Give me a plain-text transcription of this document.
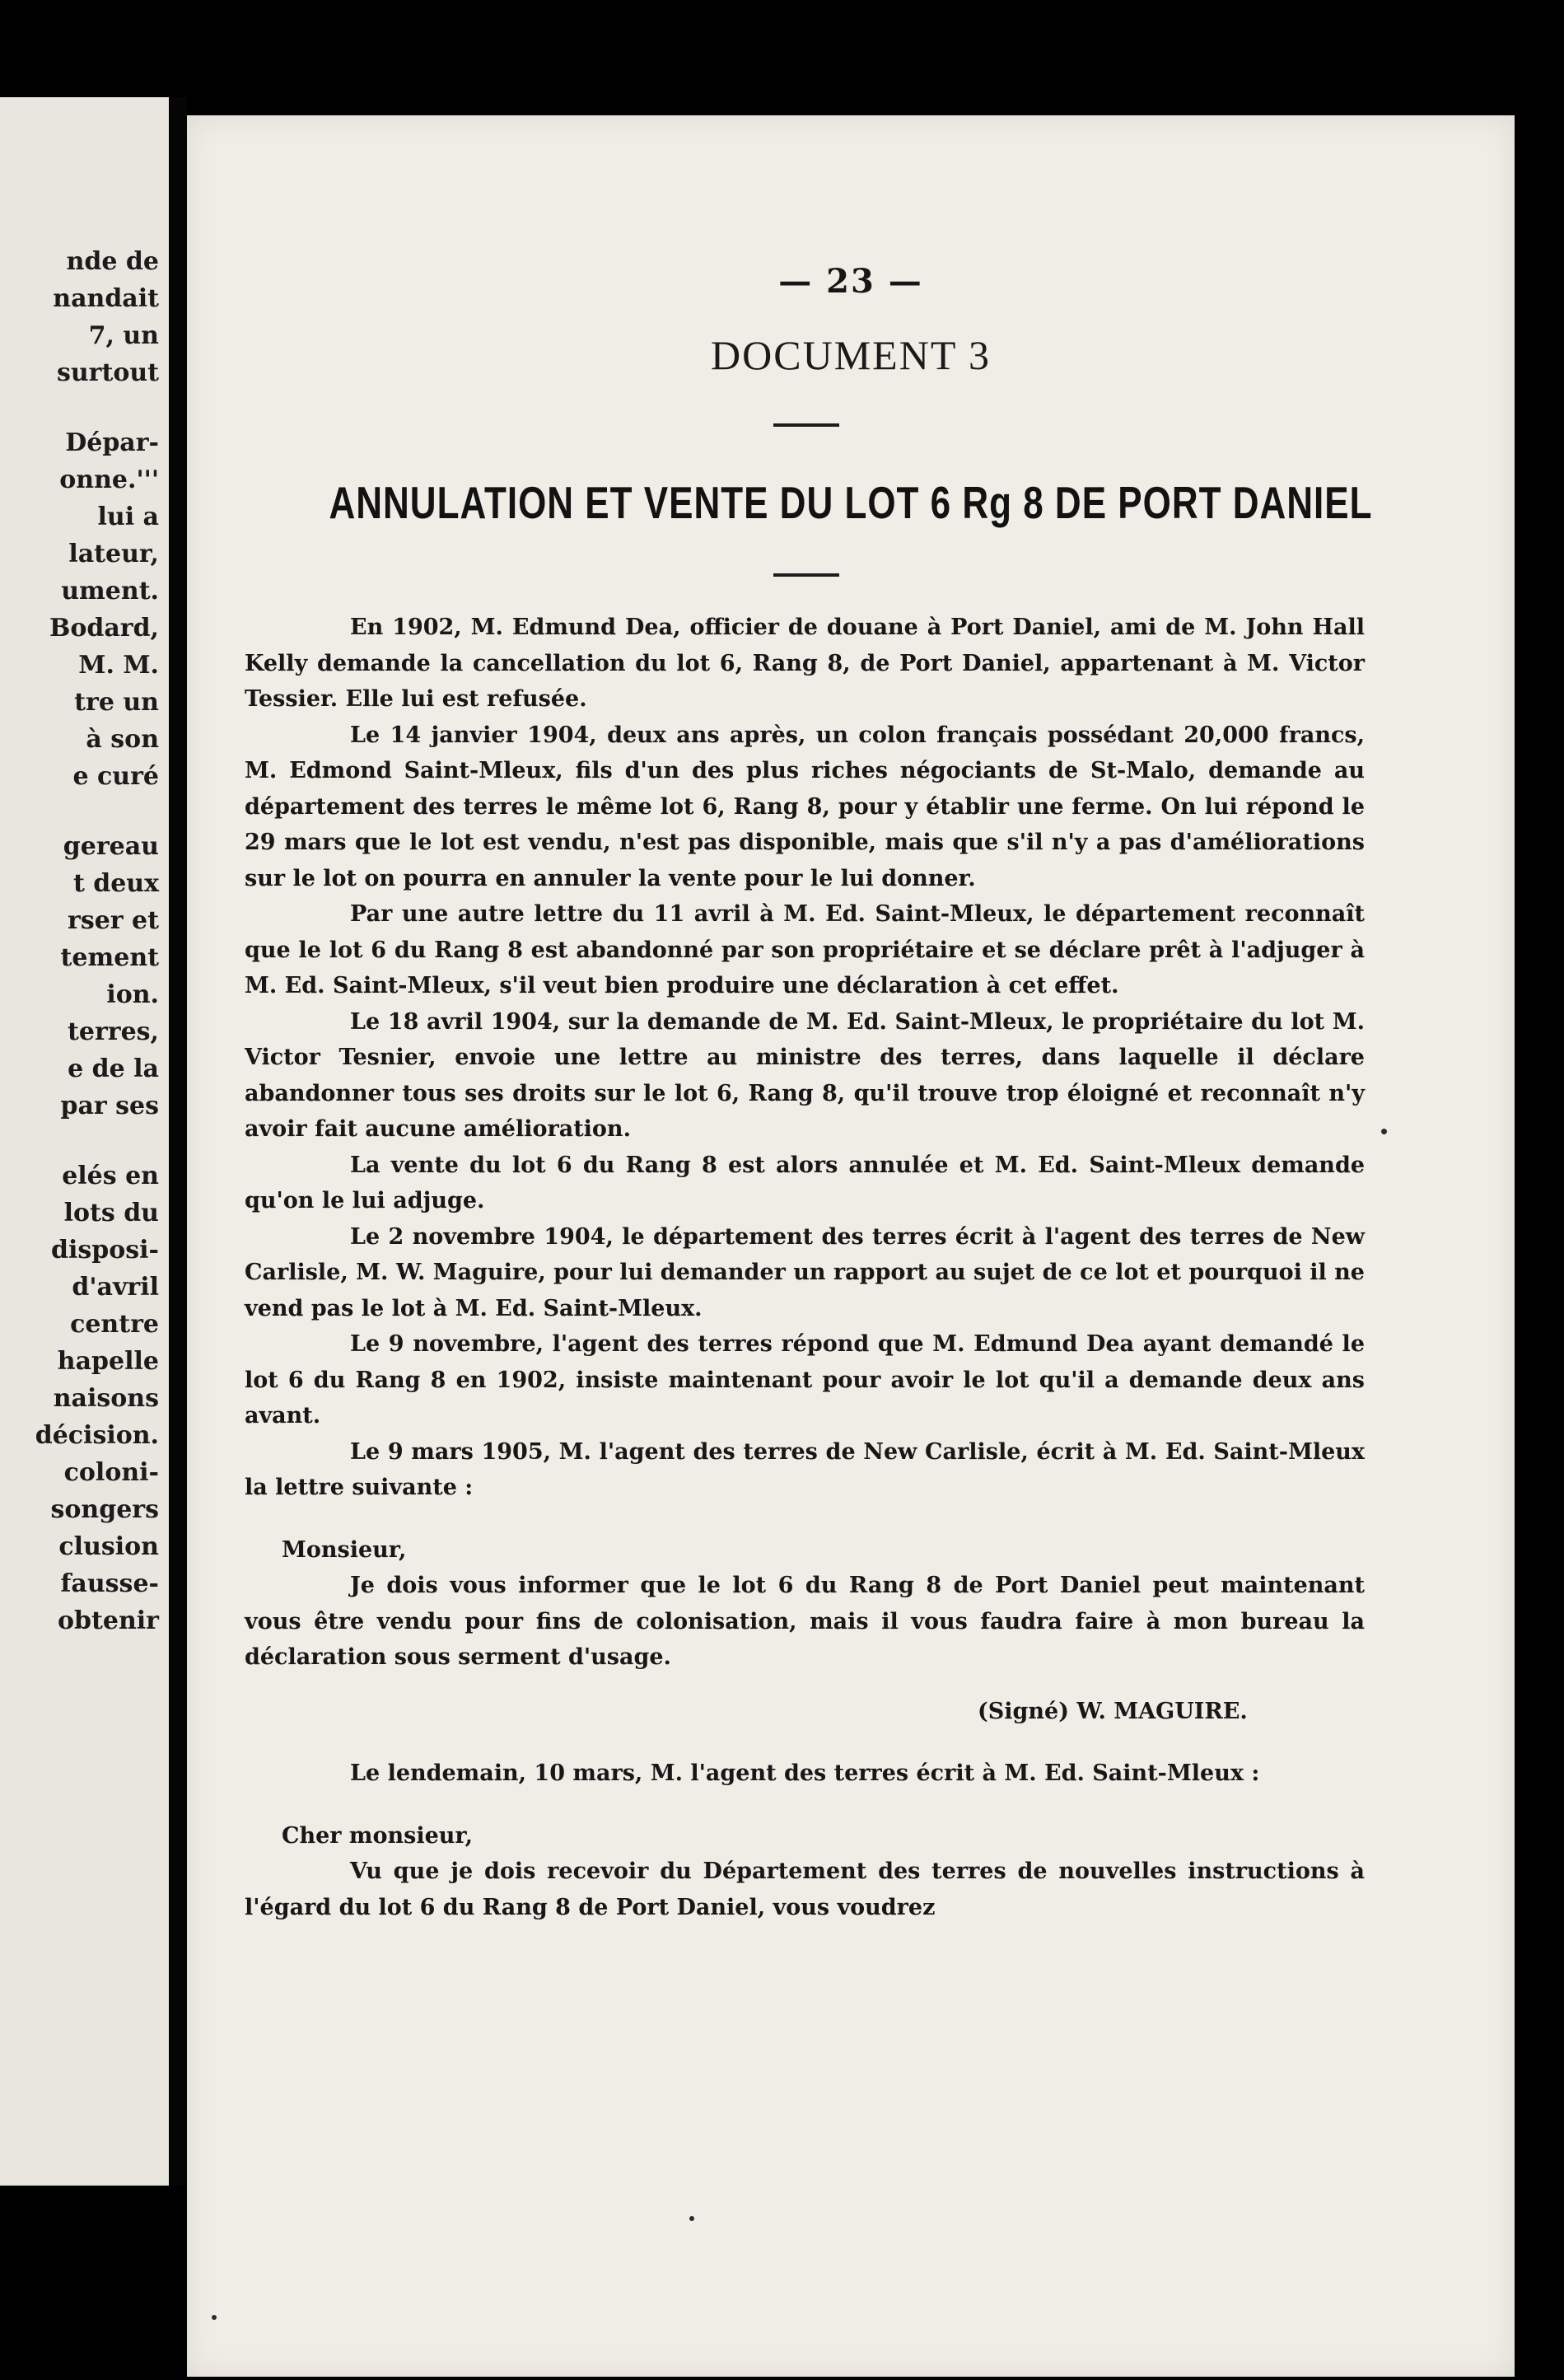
nde de
nandait
7, un
surtout
Dépar-
onne.'''
lui a
lateur,
ument.
Bodard,
M. M.
tre un
à son
e curé
gereau
t deux
rser et
tement
ion.
terres,
e de la
par ses
elés en
lots du
disposi-
d'avril
centre
hapelle
naisons
décision.
coloni-
songers
clusion
fausse-
obtenir
— 23 —
DOCUMENT 3
ANNULATION ET VENTE DU LOT 6 Rg 8 DE PORT DANIEL

En 1902, M. Edmund Dea, officier de douane à Port Daniel, ami de M. John Hall Kelly demande la cancellation du lot 6, Rang 8, de Port Daniel, appartenant à M. Victor Tessier. Elle lui est refusée.

Le 14 janvier 1904, deux ans après, un colon français possédant 20,000 francs, M. Edmond Saint-Mleux, fils d'un des plus riches négociants de St-Malo, demande au département des terres le même lot 6, Rang 8, pour y établir une ferme. On lui répond le 29 mars que le lot est vendu, n'est pas disponible, mais que s'il n'y a pas d'améliorations sur le lot on pourra en annuler la vente pour le lui donner.

Par une autre lettre du 11 avril à M. Ed. Saint-Mleux, le département reconnaît que le lot 6 du Rang 8 est abandonné par son propriétaire et se déclare prêt à l'adjuger à M. Ed. Saint-Mleux, s'il veut bien produire une déclaration à cet effet.

Le 18 avril 1904, sur la demande de M. Ed. Saint-Mleux, le propriétaire du lot M. Victor Tesnier, envoie une lettre au ministre des terres, dans laquelle il déclare abandonner tous ses droits sur le lot 6, Rang 8, qu'il trouve trop éloigné et reconnaît n'y avoir fait aucune amélioration.

La vente du lot 6 du Rang 8 est alors annulée et M. Ed. Saint-Mleux demande qu'on le lui adjuge.

Le 2 novembre 1904, le département des terres écrit à l'agent des terres de New Carlisle, M. W. Maguire, pour lui demander un rapport au sujet de ce lot et pourquoi il ne vend pas le lot à M. Ed. Saint-Mleux.

Le 9 novembre, l'agent des terres répond que M. Edmund Dea ayant demandé le lot 6 du Rang 8 en 1902, insiste maintenant pour avoir le lot qu'il a demande deux ans avant.

Le 9 mars 1905, M. l'agent des terres de New Carlisle, écrit à M. Ed. Saint-Mleux la lettre suivante :

Monsieur,

Je dois vous informer que le lot 6 du Rang 8 de Port Daniel peut maintenant vous être vendu pour fins de colonisation, mais il vous faudra faire à mon bureau la déclaration sous serment d'usage.

(Signé) W. MAGUIRE.

Le lendemain, 10 mars, M. l'agent des terres écrit à M. Ed. Saint-Mleux :

Cher monsieur,

Vu que je dois recevoir du Département des terres de nouvelles instructions à l'égard du lot 6 du Rang 8 de Port Daniel, vous voudrez
